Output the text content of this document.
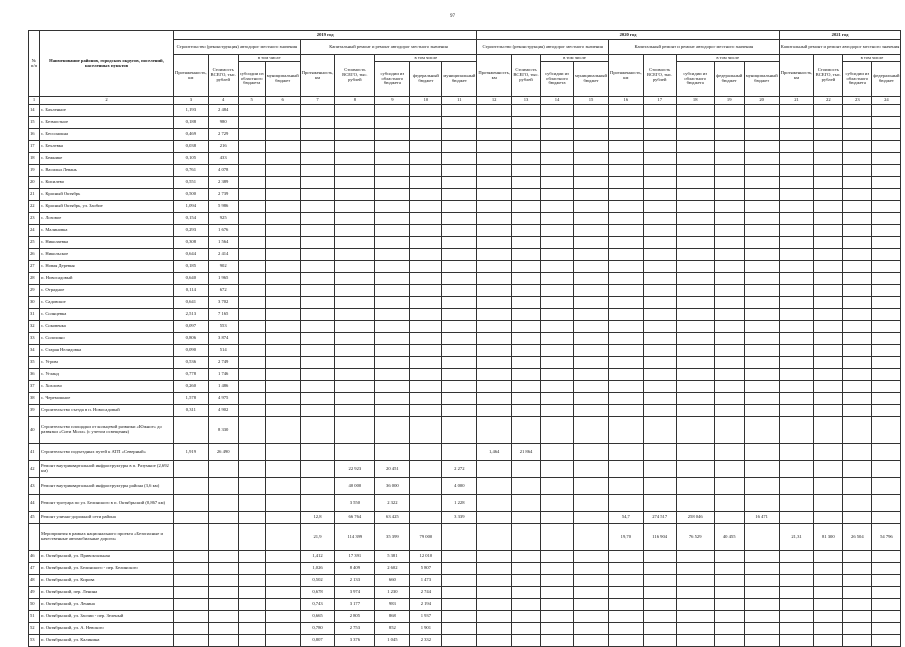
97
№ п/п	Наименование районов, городских округов, поселений, населенных пунктов	2019 год									2020 год									2021 год			
		Строительство (реконструкция) автодорог местного значения				Капитальный ремонт и ремонт автодорог местного значения					Строительство (реконструкция) автодорог местного значения				Капитальный ремонт и ремонт автодорог местного значения					Капитальный ремонт и ремонт автодорог местного значения			
		Протяженность, км	Стоимость ВСЕГО, тыс. рублей	в том числе		Протяженность, км	Стоимость ВСЕГО, тыс. рублей	в том числе			Протяженность, км	Стоимость ВСЕГО, тыс. рублей	в том числе		Протяженность, км	Стоимость ВСЕГО, тыс. рублей	в том числе			Протяженность, км	Стоимость ВСЕГО, тыс. рублей	в том числе	
				субсидии из областного бюджета	муниципальный бюджет			субсидии из областного бюджета	федеральный бюджет	муниципальный бюджет			субсидии из областного бюджета	муниципальный бюджет			субсидии из областного бюджета	федеральный бюджет	муниципальный бюджет			субсидии из областного бюджета	федеральный бюджет
1	2	3	4	5	6	7	8	9	10	11	12	13	14	15	16	17	18	19	20	21	22	23	24
14	с. Бахленное	1,193	2 484																				
15	с. Безмостное	0,188	980																				
16	с. Бессонокна	0,469	2 729																				
17	с. Бехлевка	0,038	216																				
18	с. Бежнике	0,105	433																				
19	с. Васильи Левань	0,761	4 078																				
20	с. Кисилево	0,551	2 389																				
21	с. Красный Октябрь	0,500	2 739																				
22	с. Красный Октябрь, ул. Заобие	1,094	5 986																				
23	с. Лозовое	0,154	925																				
24	с. Малиновка	0,293	1 676																				
25	с. Николаевка	0,308	1 564																				
26	с. Никольское	0,644	2 414																				
27	с. Новая Деревня	0,185	902																				
28	п. Новосадовый	0,640	1 965																				
29	с. Отрадное	0,114	672																				
30	с. Садовское	0,641	3 702																				
31	с. Солнцевка	2,513	7 165																				
32	с. Соковенка	0,097	553																				
33	с. Солохино	0,806	3 874																				
34	с. Старая Нелидовка	0,090	514																				
35	с. Угрим	0,536	2 749																				
36	с. Угланд	0,778	1 746																				
37	с. Хохлово	0,260	1 486																				
38	с. Черемошное	1,578	4 975																				
39	Строительство съезда в п. Новосадовый	0,311	4 902																				
40	Строительство площадки от кольцевой развязки «Южное» до развязки «Сити Молл» (с учетом освещения)		8 330																				
41	Строительство подъездных путей к АТП «Северный»	1,919	26 490								1,464	21 864											
42	Ремонт внутриквартальной инфраструктуры в п. Разумное (2,692 км)						22 923	20 451		2 272													
43	Ремонт внутриквартальной инфраструктуры района (3,6 км)						40 000	36 000		4 000													
44	Ремонт тротуара по ул. Белинского в п. Октябрьский (0,867 км)						3 550	2 322		1 228													
45	Ремонт улично-дорожной сети района					12,8	66 764	63 425		3 339					54,7	274 517	258 046		16 471				
	Мероприятия в рамках национального проекта «Безопасные и качественные автомобильные дороги»					21,9	114 399	35 399	79 000						19,70	116 904	76 529	40 455		21,31	81 300	26 504	54 796
46	п. Октябрьский, ул. Привокзальная					1,412	17 391	5 381	12 010														
47	п. Октябрьский, ул. Белинского - пер. Белинского					1,026	8 409	2 602	5 807														
48	п. Октябрьский, ул. Кирова					0,502	2 133	660	1 473														
49	п. Октябрьский, пер. Ленина					0,678	3 974	1 230	2 744														
50	п. Октябрьский, ул. Ленина					0,743	3 177	983	2 194														
51	п. Октябрьский, ул. Заозии - пер. Зеленый					0,665	2 805	868	1 937														
52	п. Октябрьский, ул. А. Невского					0,780	2 753	852	1 901														
53	п. Октябрьский, ул. Калинина					0,807	3 376	1 045	2 332														
